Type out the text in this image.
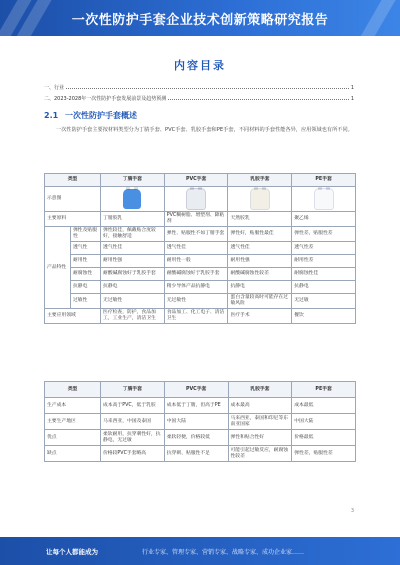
一次性防护手套企业技术创新策略研究报告
内容目录
一、行业	1
二、2023-2028年一次性防护手套发展前景及趋势预测	1
2.1 一次性防护手套概述
一次性防护手套主要按材料类型分为丁腈手套、PVC手套、乳胶手套和PE手套，不同材料的手套性能各异，应用领域也有所不同。
类型		丁腈手套	PVC手套	乳胶手套	PE手套
示意图		

主要原料		丁腈胶乳	PVC糊树脂、增塑剂、降粘剂	天然胶乳	聚乙烯
产品特性	弹性及贴服性	弹性较佳，佩戴贴合度较好，接触舒适	弹性、贴服性不如丁腈手套	弹性好，贴服性最佳	弹性差，贴服性差
	透气性	透气性佳	透气性佳	透气性佳	透气性差
	耐用性	耐用性强	耐用性一般	耐用性强	耐用性差
	耐腐蚀性	耐酸碱腐蚀好于乳胶手套	耐酸碱腐蚀好于乳胶手套	耐酸碱腐蚀性较差	耐腐蚀性佳
	抗静电	抗静电	稍少导体产品抗静电	抗静电	抗静电
	过敏性	无过敏性	无过敏性	蛋白含量较高时可能存在过敏风险	无过敏
主要应用领域		医疗检查，防护，食品加工，工业生产，清洁卫生	食品加工、化工电子、清洁卫生	医疗手术	餐饮
类型	丁腈手套	PVC手套	乳胶手套	PE手套
生产成本	成本高于PVC，低于乳胶	成本低于丁腈，但高于PE	成本最高	成本最低
主要生产地区	马来西亚，中国及泰国	中国大陆	马来西亚，泰国和印尼等东南亚国家	中国大陆
优点	柔软耐用，抗穿刺性好，抗静电，无过敏	柔软轻便，价格较低	弹性和贴合性好	价格最低
缺点	价格较PVC手套略高	抗穿刺、贴服性不足	可能引起过敏反应，耐腐蚀性较差	弹性差，贴服性差
3
让每个人都能成为	行业专家、管理专家、营销专家、战略专家、成功企业家……
